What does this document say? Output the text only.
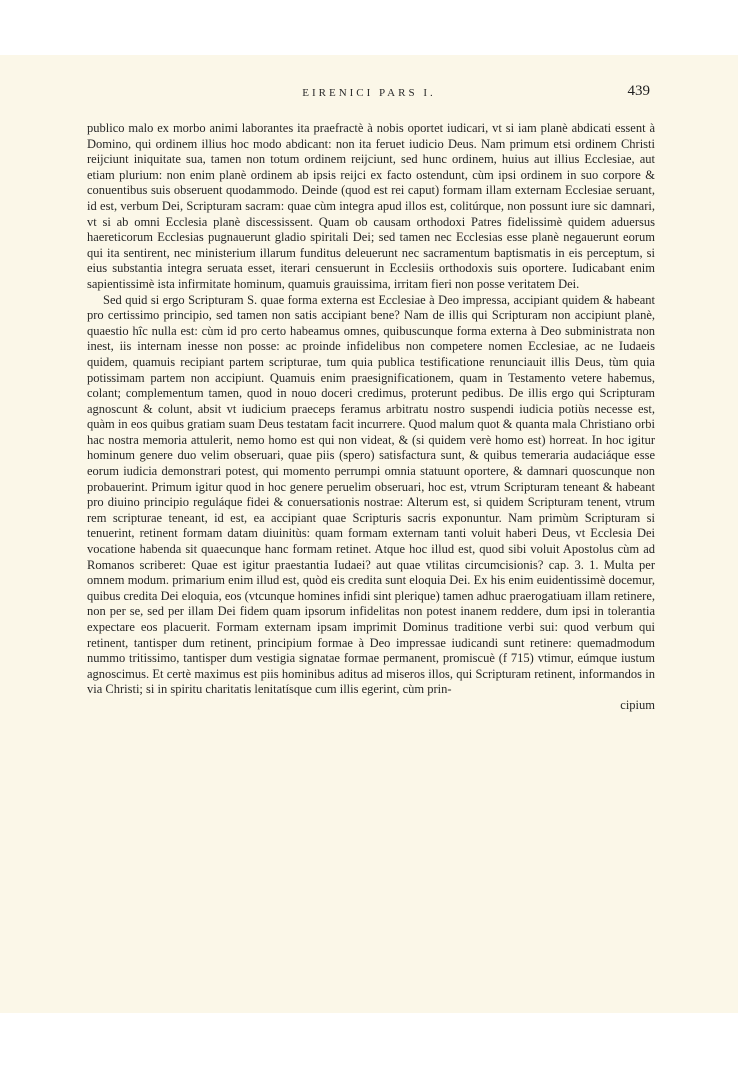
EIRENICI PARS I.	439

publico malo ex morbo animi laborantes ita praefractè à nobis oportet iudicari, vt si iam planè abdicati essent à Domino, qui ordinem illius hoc modo abdicant: non ita feruet iudicio Deus. Nam primum etsi ordinem Christi reijciunt iniquitate sua, tamen non totum ordinem reijciunt, sed hunc ordinem, huius aut illius Ecclesiae, aut etiam plurium: non enim planè ordinem ab ipsis reijci ex facto ostendunt, cùm ipsi ordinem in suo corpore & conuentibus suis obseruent quodammodo. Deinde (quod est rei caput) formam illam externam Ecclesiae seruant, id est, verbum Dei, Scripturam sacram: quae cùm integra apud illos est, colitúrque, non possunt iure sic damnari, vt si ab omni Ecclesia planè discessissent. Quam ob causam orthodoxi Patres fidelissimè quidem aduersus haereticorum Ecclesias pugnauerunt gladio spiritali Dei; sed tamen nec Ecclesias esse planè negauerunt eorum qui ita sentirent, nec ministerium illarum funditus deleuerunt nec sacramentum baptismatis in eis perceptum, si eius substantia integra seruata esset, iterari censuerunt in Ecclesiis orthodoxis suis oportere. Iudicabant enim sapientissimè ista infirmitate hominum, quamuis grauissima, irritam fieri non posse veritatem Dei.

Sed quid si ergo Scripturam S. quae forma externa est Ecclesiae à Deo impressa, accipiant quidem & habeant pro certissimo principio, sed tamen non satis accipiant bene? Nam de illis qui Scripturam non accipiunt planè, quaestio hîc nulla est: cùm id pro certo habeamus omnes, quibuscunque forma externa à Deo subministrata non inest, iis internam inesse non posse: ac proinde infidelibus non competere nomen Ecclesiae, ac ne Iudaeis quidem, quamuis recipiant partem scripturae, tum quia publica testificatione renunciauit illis Deus, tùm quia potissimam partem non accipiunt. Quamuis enim praesignificationem, quam in Testamento vetere habemus, colant; complementum tamen, quod in nouo doceri credimus, proterunt pedibus. De illis ergo qui Scripturam agnoscunt & colunt, absit vt iudicium praeceps feramus arbitratu nostro suspendi iudicia potiùs necesse est, quàm in eos quibus gratiam suam Deus testatam facit incurrere. Quod malum quot & quanta mala Christiano orbi hac nostra memoria attulerit, nemo homo est qui non videat, & (si quidem verè homo est) horreat. In hoc igitur hominum genere duo velim obseruari, quae piis (spero) satisfactura sunt, & quibus temeraria audaciáque esse eorum iudicia demonstrari potest, qui momento perrumpi omnia statuunt oportere, & damnari quoscunque non probauerint. Primum igitur quod in hoc genere peruelim obseruari, hoc est, vtrum Scripturam teneant & habeant pro diuino principio reguláque fidei & conuersationis nostrae: Alterum est, si quidem Scripturam tenent, vtrum rem scripturae teneant, id est, ea accipiant quae Scripturis sacris exponuntur. Nam primùm Scripturam si tenuerint, retinent formam datam diuinitùs: quam formam externam tanti voluit haberi Deus, vt Ecclesia Dei vocatione habenda sit quaecunque hanc formam retinet. Atque hoc illud est, quod sibi voluit Apostolus cùm ad Romanos scriberet: Quae est igitur praestantia Iudaei? aut quae vtilitas circumcisionis? cap. 3. 1. Multa per omnem modum. primarium enim illud est, quòd eis credita sunt eloquia Dei. Ex his enim euidentissimè docemur, quibus credita Dei eloquia, eos (vtcunque homines infidi sint plerique) tamen adhuc praerogatiuam illam retinere, non per se, sed per illam Dei fidem quam ipsorum infidelitas non potest inanem reddere, dum ipsi in tolerantia expectare eos placuerit. Formam externam ipsam imprimit Dominus traditione verbi sui: quod verbum qui retinent, tantisper dum retinent, principium formae à Deo impressae iudicandi sunt retinere: quemadmodum nummo tritissimo, tantisper dum vestigia signatae formae permanent, promiscuè (f 715) vtimur, eúmque iustum agnoscimus. Et certè maximus est piis hominibus aditus ad miseros illos, qui Scripturam retinent, informandos in via Christi; si in spiritu charitatis lenitatísque cum illis egerint, cùm prin-

cipium
